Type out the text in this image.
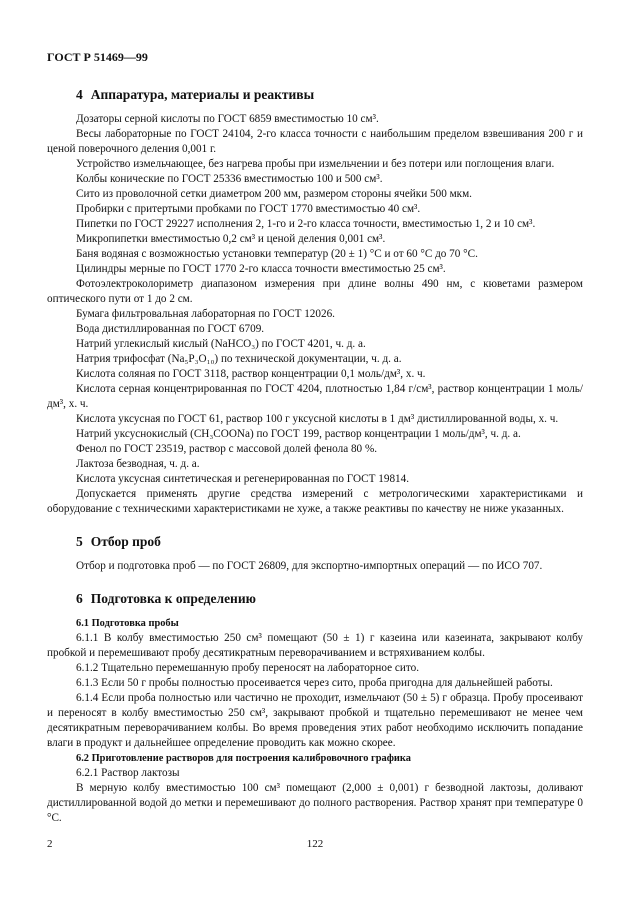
ГОСТ Р 51469—99
4 Аппаратура, материалы и реактивы

Дозаторы серной кислоты по ГОСТ 6859 вместимостью 10 см³.

Весы лабораторные по ГОСТ 24104, 2-го класса точности с наибольшим пределом взвешивания 200 г и ценой поверочного деления 0,001 г.

Устройство измельчающее, без нагрева пробы при измельчении и без потери или поглощения влаги.

Колбы конические по ГОСТ 25336 вместимостью 100 и 500 см³.

Сито из проволочной сетки диаметром 200 мм, размером стороны ячейки 500 мкм.

Пробирки с притертыми пробками по ГОСТ 1770 вместимостью 40 см³.

Пипетки по ГОСТ 29227 исполнения 2, 1-го и 2-го класса точности, вместимостью 1, 2 и 10 см³.

Микропипетки вместимостью 0,2 см³ и ценой деления 0,001 см³.

Баня водяная с возможностью установки температур (20 ± 1) °С и от 60 °С до 70 °С.

Цилиндры мерные по ГОСТ 1770 2-го класса точности вместимостью 25 см³.

Фотоэлектроколориметр диапазоном измерения при длине волны 490 нм, с кюветами размером оптического пути от 1 до 2 см.

Бумага фильтровальная лабораторная по ГОСТ 12026.

Вода дистиллированная по ГОСТ 6709.

Натрий углекислый кислый (NaHCO₃) по ГОСТ 4201, ч. д. а.

Натрия трифосфат (Na₅P₃O₁₀) по технической документации, ч. д. а.

Кислота соляная по ГОСТ 3118, раствор концентрации 0,1 моль/дм³, х. ч.

Кислота серная концентрированная по ГОСТ 4204, плотностью 1,84 г/см³, раствор концентрации 1 моль/дм³, х. ч.

Кислота уксусная по ГОСТ 61, раствор 100 г уксусной кислоты в 1 дм³ дистиллированной воды, х. ч.

Натрий уксуснокислый (CH₃COONa) по ГОСТ 199, раствор концентрации 1 моль/дм³, ч. д. а.

Фенол по ГОСТ 23519, раствор с массовой долей фенола 80 %.

Лактоза безводная, ч. д. а.

Кислота уксусная синтетическая и регенерированная по ГОСТ 19814.

Допускается применять другие средства измерений с метрологическими характеристиками и оборудование с техническими характеристиками не хуже, а также реактивы по качеству не ниже указанных.

5 Отбор проб

Отбор и подготовка проб — по ГОСТ 26809, для экспортно-импортных операций — по ИСО 707.

6 Подготовка к определению
6.1 Подготовка пробы

6.1.1 В колбу вместимостью 250 см³ помещают (50 ± 1) г казеина или казеината, закрывают колбу пробкой и перемешивают пробу десятикратным переворачиванием и встряхиванием колбы.

6.1.2 Тщательно перемешанную пробу переносят на лабораторное сито.

6.1.3 Если 50 г пробы полностью просеивается через сито, проба пригодна для дальнейшей работы.

6.1.4 Если проба полностью или частично не проходит, измельчают (50 ± 5) г образца. Пробу просеивают и переносят в колбу вместимостью 250 см³, закрывают пробкой и тщательно перемешивают не менее чем десятикратным переворачиванием колбы. Во время проведения этих работ необходимо исключить попадание влаги в продукт и дальнейшее определение проводить как можно скорее.

6.2 Приготовление растворов для построения калибровочного графика

6.2.1 Раствор лактозы

В мерную колбу вместимостью 100 см³ помещают (2,000 ± 0,001) г безводной лактозы, доливают дистиллированной водой до метки и перемешивают до полного растворения. Раствор хранят при температуре 0 °С.

2	122
